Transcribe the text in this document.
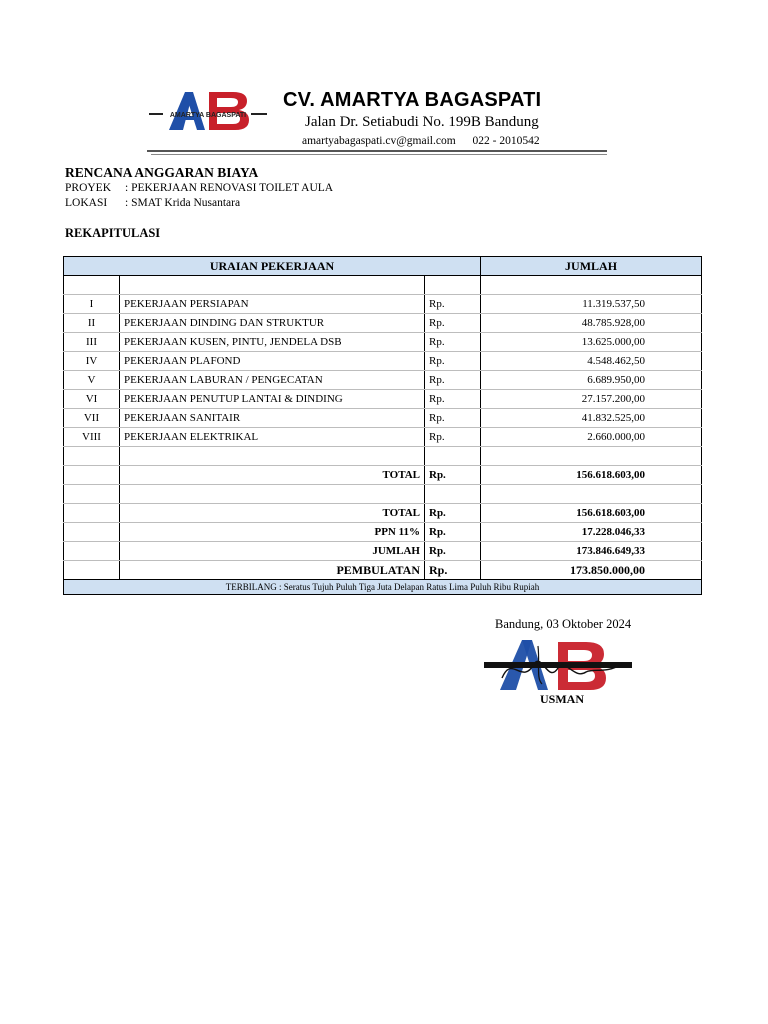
AMARTYA BAGASPATI
CV. AMARTYA BAGASPATI
Jalan Dr. Setiabudi No. 199B Bandung
amartyabagaspati.cv@gmail.com 022 - 2010542
RENCANA ANGGARAN BIAYA
PROYEK : PEKERJAAN RENOVASI TOILET AULA
LOKASI : SMAT Krida Nusantara
REKAPITULASI
URAIAN PEKERJAAN			JUMLAH

I	PEKERJAAN PERSIAPAN	Rp.	11.319.537,50
II	PEKERJAAN DINDING DAN STRUKTUR	Rp.	48.785.928,00
III	PEKERJAAN KUSEN, PINTU, JENDELA DSB	Rp.	13.625.000,00
IV	PEKERJAAN PLAFOND	Rp.	4.548.462,50
V	PEKERJAAN LABURAN / PENGECATAN	Rp.	6.689.950,00
VI	PEKERJAAN PENUTUP LANTAI & DINDING	Rp.	27.157.200,00
VII	PEKERJAAN SANITAIR	Rp.	41.832.525,00
VIII	PEKERJAAN ELEKTRIKAL	Rp.	2.660.000,00

	TOTAL	Rp.	156.618.603,00

	TOTAL	Rp.	156.618.603,00
	PPN 11%	Rp.	17.228.046,33
	JUMLAH	Rp.	173.846.649,33
	PEMBULATAN	Rp.	173.850.000,00
TERBILANG : Seratus Tujuh Puluh Tiga Juta Delapan Ratus Lima Puluh Ribu Rupiah			
Bandung, 03 Oktober 2024
USMAN
